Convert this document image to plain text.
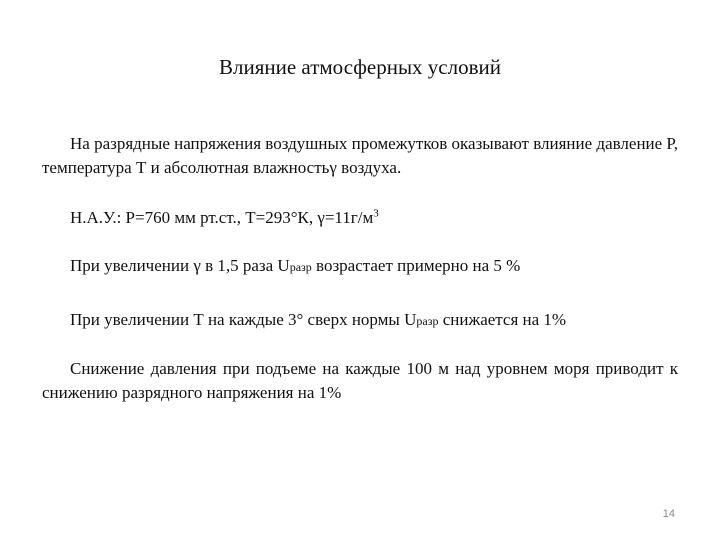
Влияние атмосферных условий

На разрядные напряжения воздушных промежутков оказывают влияние давление Р, температура Т и абсолютная влажностьγ воздуха.

Н.А.У.: Р=760 мм рт.ст., Т=293°К, $\gamma=11г/м^3$

При увеличении γ в 1,5 раза Uразр возрастает примерно на 5 %

При увеличении Т на каждые 3° сверх нормы Uразр снижается на 1%

Снижение давления при подъеме на каждые 100 м над уровнем моря приводит к снижению разрядного напряжения на 1%

14
